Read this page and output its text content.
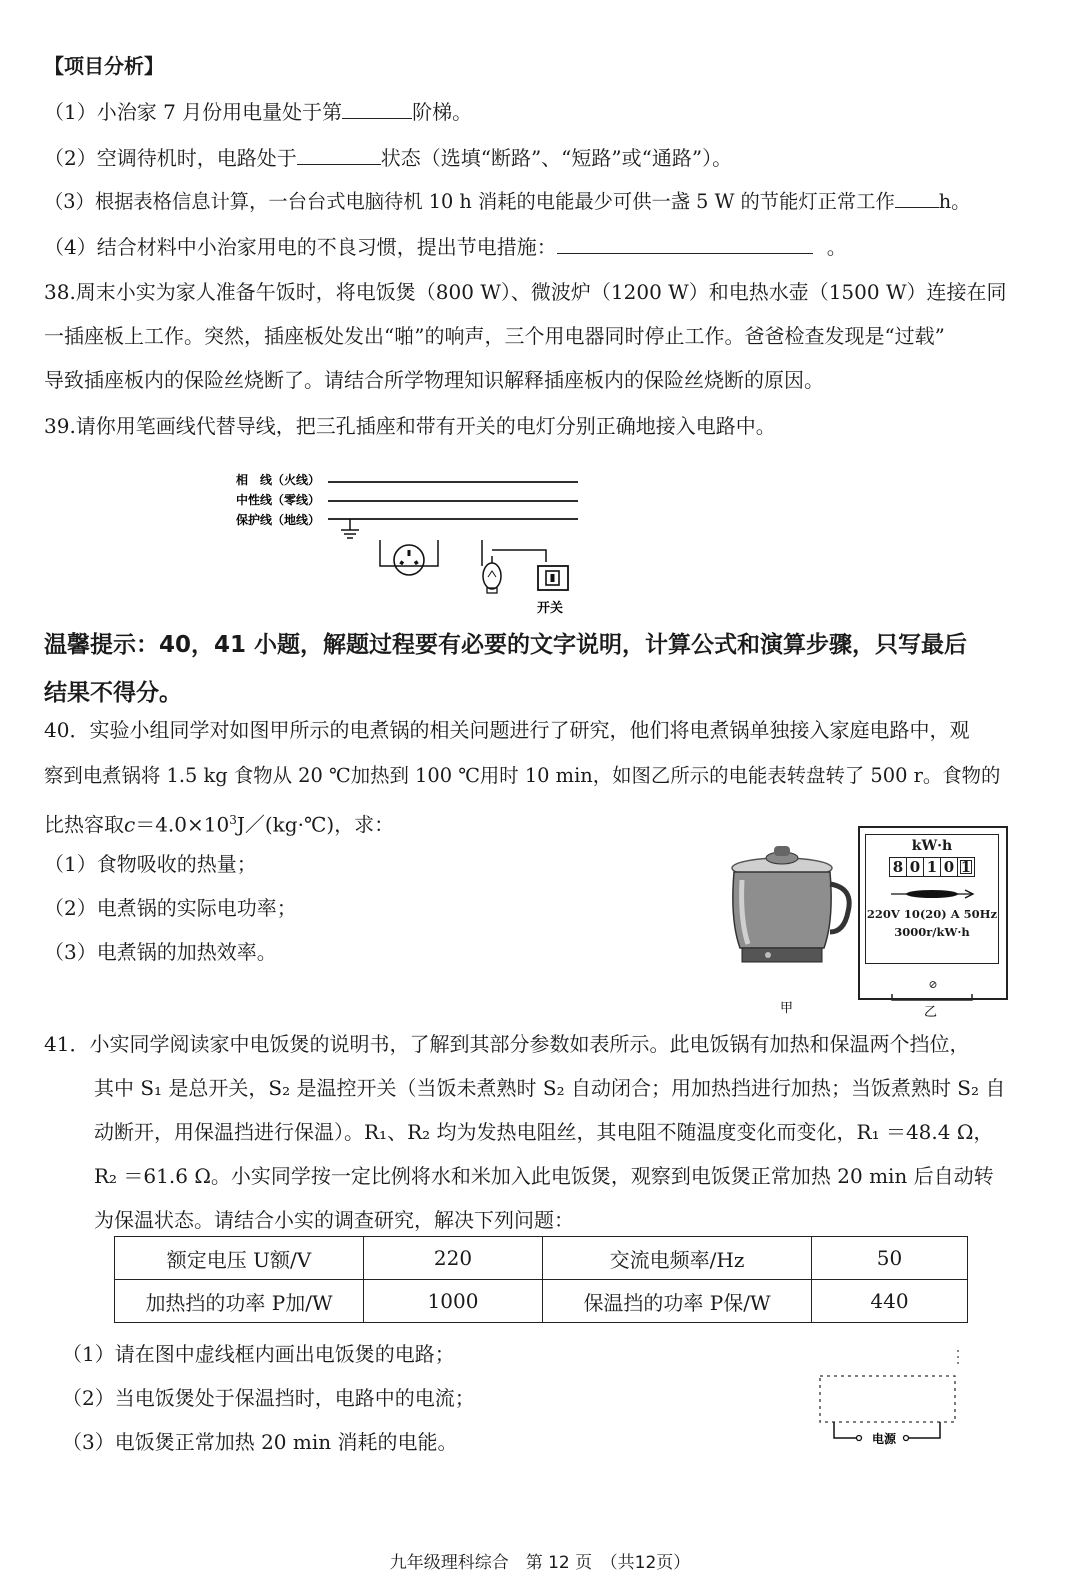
【项目分析】
（1）小治家 7 月份用电量处于第	阶梯。
（2）空调待机时，电路处于	状态（选填“断路”、“短路”或“通路”）。
（3）根据表格信息计算，一台台式电脑待机 10 h 消耗的电能最少可供一盏 5 W 的节能灯正常工作 h。
（4）结合材料中小治家用电的不良习惯，提出节电措施：	。
38.周末小实为家人准备午饭时，将电饭煲（800 W）、微波炉（1200 W）和电热水壶（1500 W）连接在同
一插座板上工作。突然，插座板处发出“啪”的响声，三个用电器同时停止工作。爸爸检查发现是“过载”
导致插座板内的保险丝烧断了。请结合所学物理知识解释插座板内的保险丝烧断的原因。
39.请你用笔画线代替导线，把三孔插座和带有开关的电灯分别正确地接入电路中。
相　线（火线）
中性线（零线）
保护线（地线）
开关
温馨提示：40，41 小题，解题过程要有必要的文字说明，计算公式和演算步骤，只写最后
结果不得分。
40．实验小组同学对如图甲所示的电煮锅的相关问题进行了研究，他们将电煮锅单独接入家庭电路中，观
察到电煮锅将 1.5 kg 食物从 20 ℃加热到 100 ℃用时 10 min，如图乙所示的电能表转盘转了 500 r。食物的
比热容取$c=4.0\times 10^3J/(kg\cdot℃)$，求：
（1）食物吸收的热量；
（2）电煮锅的实际电功率；
（3）电煮锅的加热效率。
甲
kW·h
8 0 1 0 1
220V 10(20) A 50Hz
3000r/kW·h
⊘
乙
41．小实同学阅读家中电饭煲的说明书，了解到其部分参数如表所示。此电饭锅有加热和保温两个挡位，
其中 S₁ 是总开关，S₂ 是温控开关（当饭未煮熟时 S₂ 自动闭合；用加热挡进行加热；当饭煮熟时 S₂ 自
动断开，用保温挡进行保温）。R₁、R₂ 均为发热电阻丝，其电阻不随温度变化而变化，R₁ ＝48.4 Ω，
R₂ ＝61.6 Ω。小实同学按一定比例将水和米加入此电饭煲，观察到电饭煲正常加热 20 min 后自动转
为保温状态。请结合小实的调查研究，解决下列问题：
额定电压 U额/V	220	交流电频率/Hz	50
加热挡的功率 P加/W	1000	保温挡的功率 P保/W	440
（1）请在图中虚线框内画出电饭煲的电路；
（2）当电饭煲处于保温挡时，电路中的电流；
（3）电饭煲正常加热 20 min 消耗的电能。	电源
九年级理科综合　第 12 页　（共12页）
